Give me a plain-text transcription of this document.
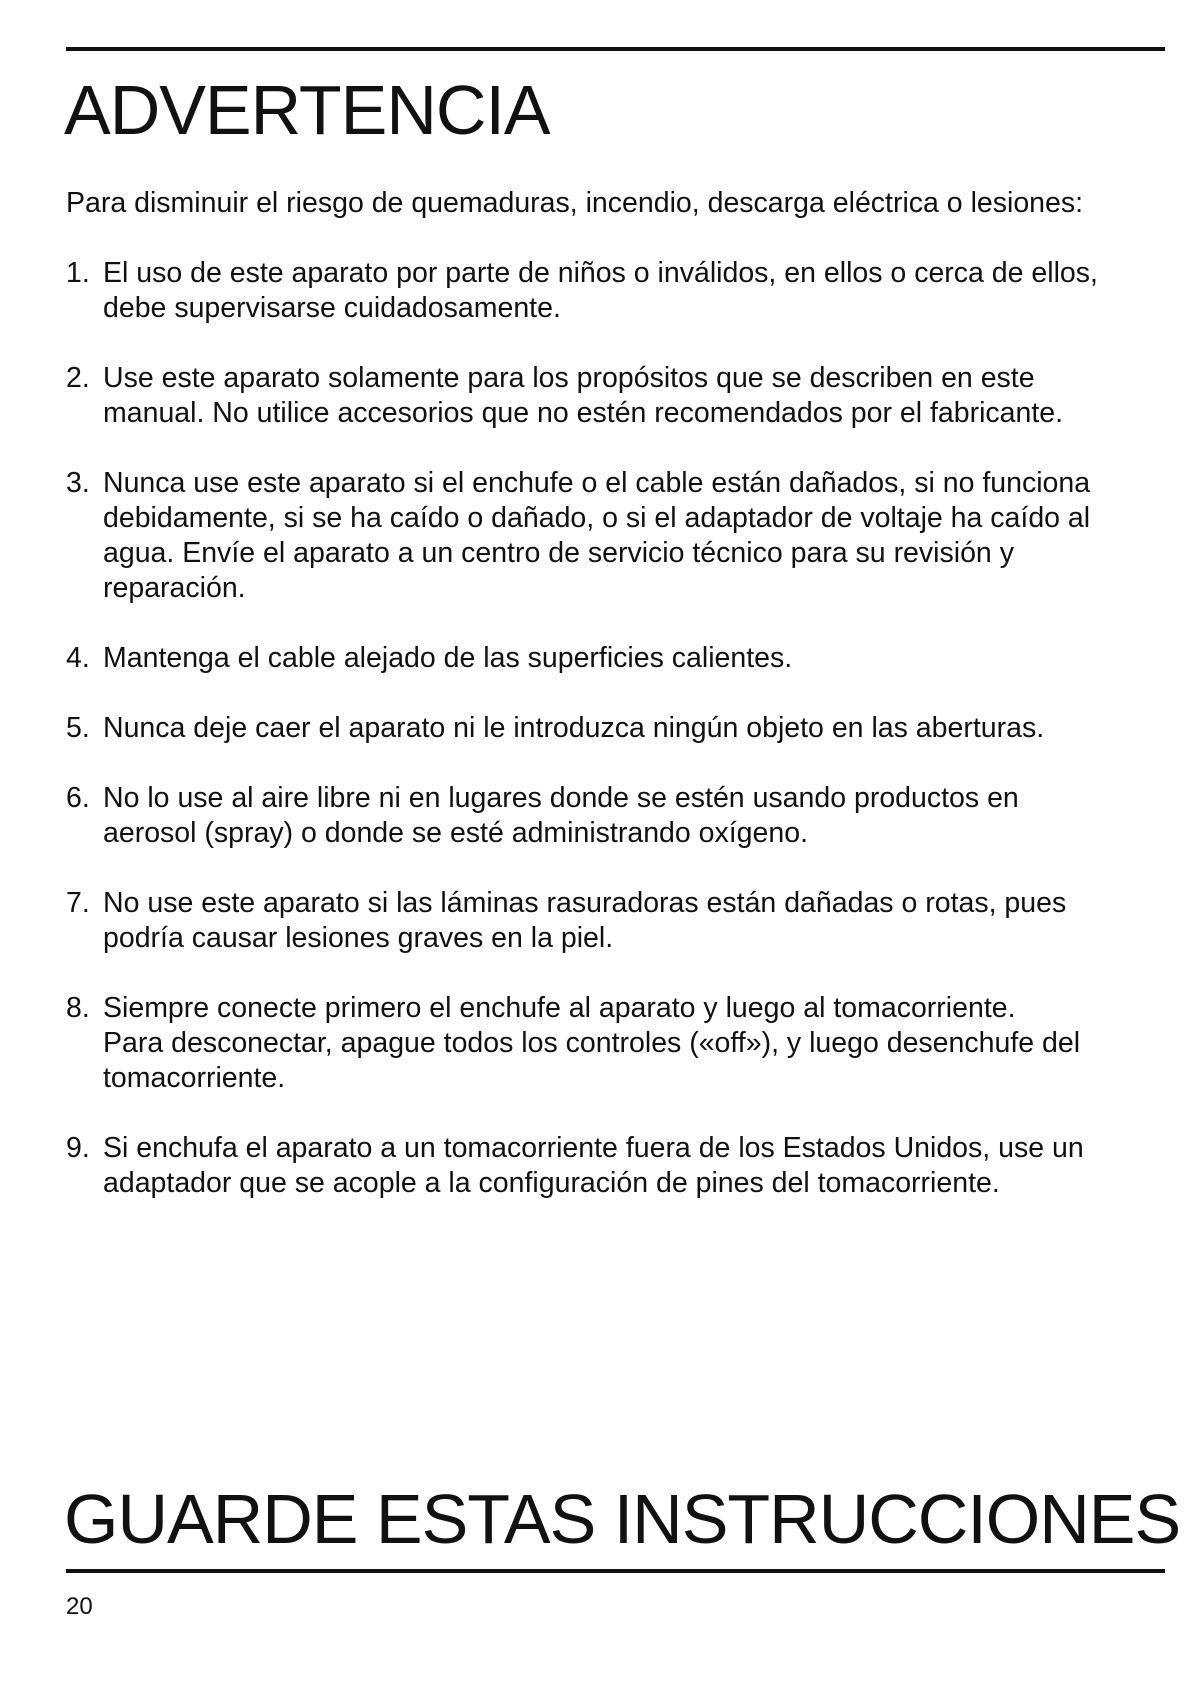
ADVERTENCIA

Para disminuir el riesgo de quemaduras, incendio, descarga eléctrica o lesiones:

1. El uso de este aparato por parte de niños o inválidos, en ellos o cerca de ellos,
debe supervisarse cuidadosamente.
2. Use este aparato solamente para los propósitos que se describen en este
manual. No utilice accesorios que no estén recomendados por el fabricante.
3. Nunca use este aparato si el enchufe o el cable están dañados, si no funciona
debidamente, si se ha caído o dañado, o si el adaptador de voltaje ha caído al
agua. Envíe el aparato a un centro de servicio técnico para su revisión y
reparación.
4. Mantenga el cable alejado de las superficies calientes.
5. Nunca deje caer el aparato ni le introduzca ningún objeto en las aberturas.
6. No lo use al aire libre ni en lugares donde se estén usando productos en
aerosol (spray) o donde se esté administrando oxígeno.
7. No use este aparato si las láminas rasuradoras están dañadas o rotas, pues
podría causar lesiones graves en la piel.
8. Siempre conecte primero el enchufe al aparato y luego al tomacorriente.
Para desconectar, apague todos los controles («off»), y luego desenchufe del
tomacorriente.
9. Si enchufa el aparato a un tomacorriente fuera de los Estados Unidos, use un
adaptador que se acople a la configuración de pines del tomacorriente.
GUARDE ESTAS INSTRUCCIONES
20
